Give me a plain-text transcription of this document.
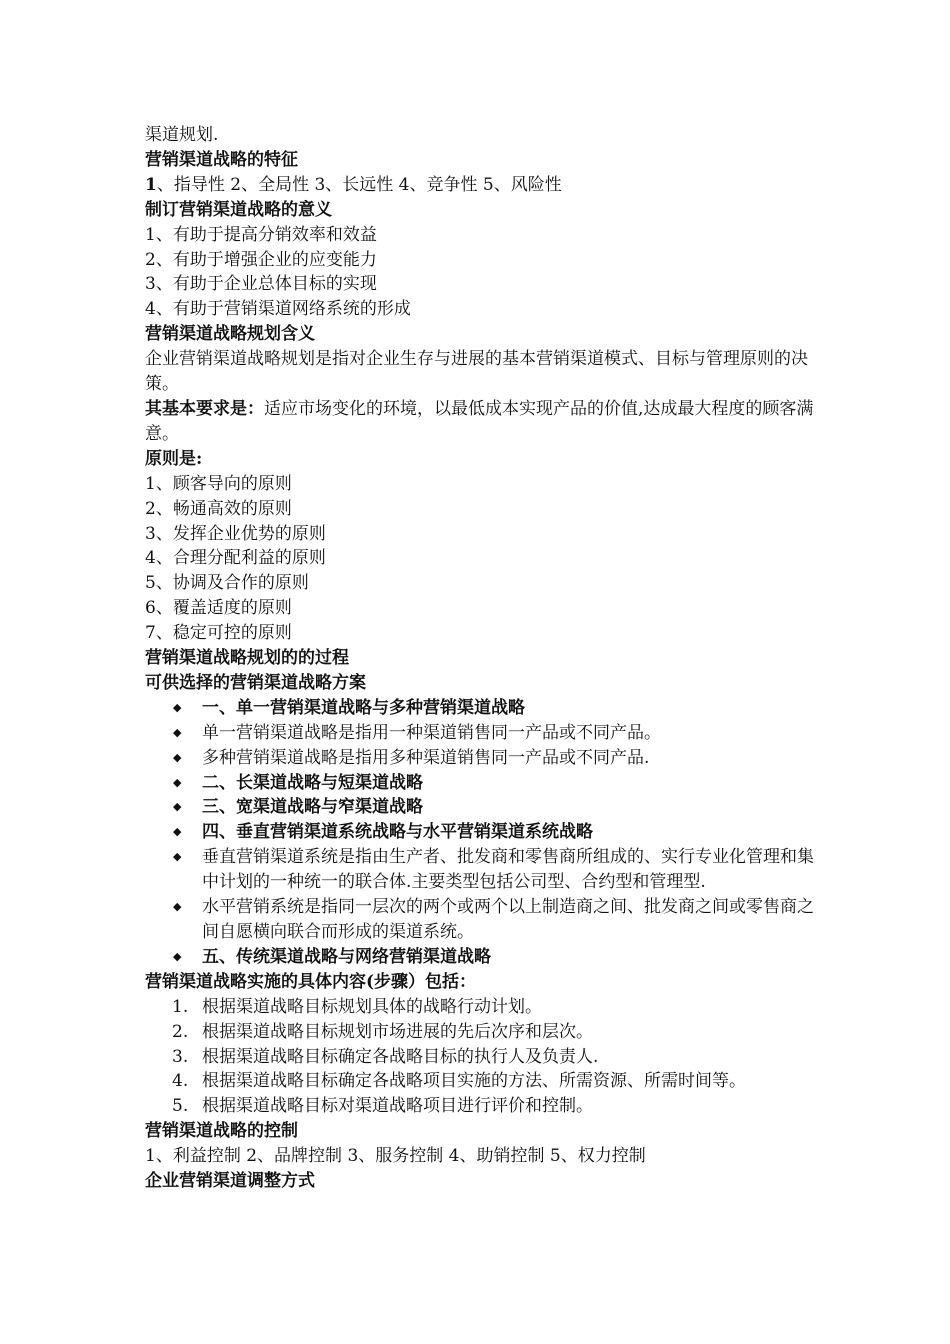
渠道规划.
营销渠道战略的特征
1、指导性 2、全局性 3、长远性 4、竞争性 5、风险性
制订营销渠道战略的意义
1、有助于提高分销效率和效益
2、有助于增强企业的应变能力
3、有助于企业总体目标的实现
4、有助于营销渠道网络系统的形成
营销渠道战略规划含义
企业营销渠道战略规划是指对企业生存与进展的基本营销渠道模式、目标与管理原则的决策。
其基本要求是：适应市场变化的环境，以最低成本实现产品的价值,达成最大程度的顾客满意。
原则是:
1、顾客导向的原则
2、畅通高效的原则
3、发挥企业优势的原则
4、合理分配利益的原则
5、协调及合作的原则
6、覆盖适度的原则
7、稳定可控的原则
营销渠道战略规划的的过程
可供选择的营销渠道战略方案
◆ 一、单一营销渠道战略与多种营销渠道战略
◆ 单一营销渠道战略是指用一种渠道销售同一产品或不同产品。
◆ 多种营销渠道战略是指用多种渠道销售同一产品或不同产品.
◆ 二、长渠道战略与短渠道战略
◆ 三、宽渠道战略与窄渠道战略
◆ 四、垂直营销渠道系统战略与水平营销渠道系统战略
◆ 垂直营销渠道系统是指由生产者、批发商和零售商所组成的、实行专业化管理和集中计划的一种统一的联合体.主要类型包括公司型、合约型和管理型.
◆ 水平营销系统是指同一层次的两个或两个以上制造商之间、批发商之间或零售商之间自愿横向联合而形成的渠道系统。
◆ 五、传统渠道战略与网络营销渠道战略
营销渠道战略实施的具体内容(步骤）包括：
1. 根据渠道战略目标规划具体的战略行动计划。
2. 根据渠道战略目标规划市场进展的先后次序和层次。
3. 根据渠道战略目标确定各战略目标的执行人及负责人.
4. 根据渠道战略目标确定各战略项目实施的方法、所需资源、所需时间等。
5. 根据渠道战略目标对渠道战略项目进行评价和控制。
营销渠道战略的控制
1、利益控制 2、品牌控制 3、服务控制 4、助销控制 5、权力控制
企业营销渠道调整方式
